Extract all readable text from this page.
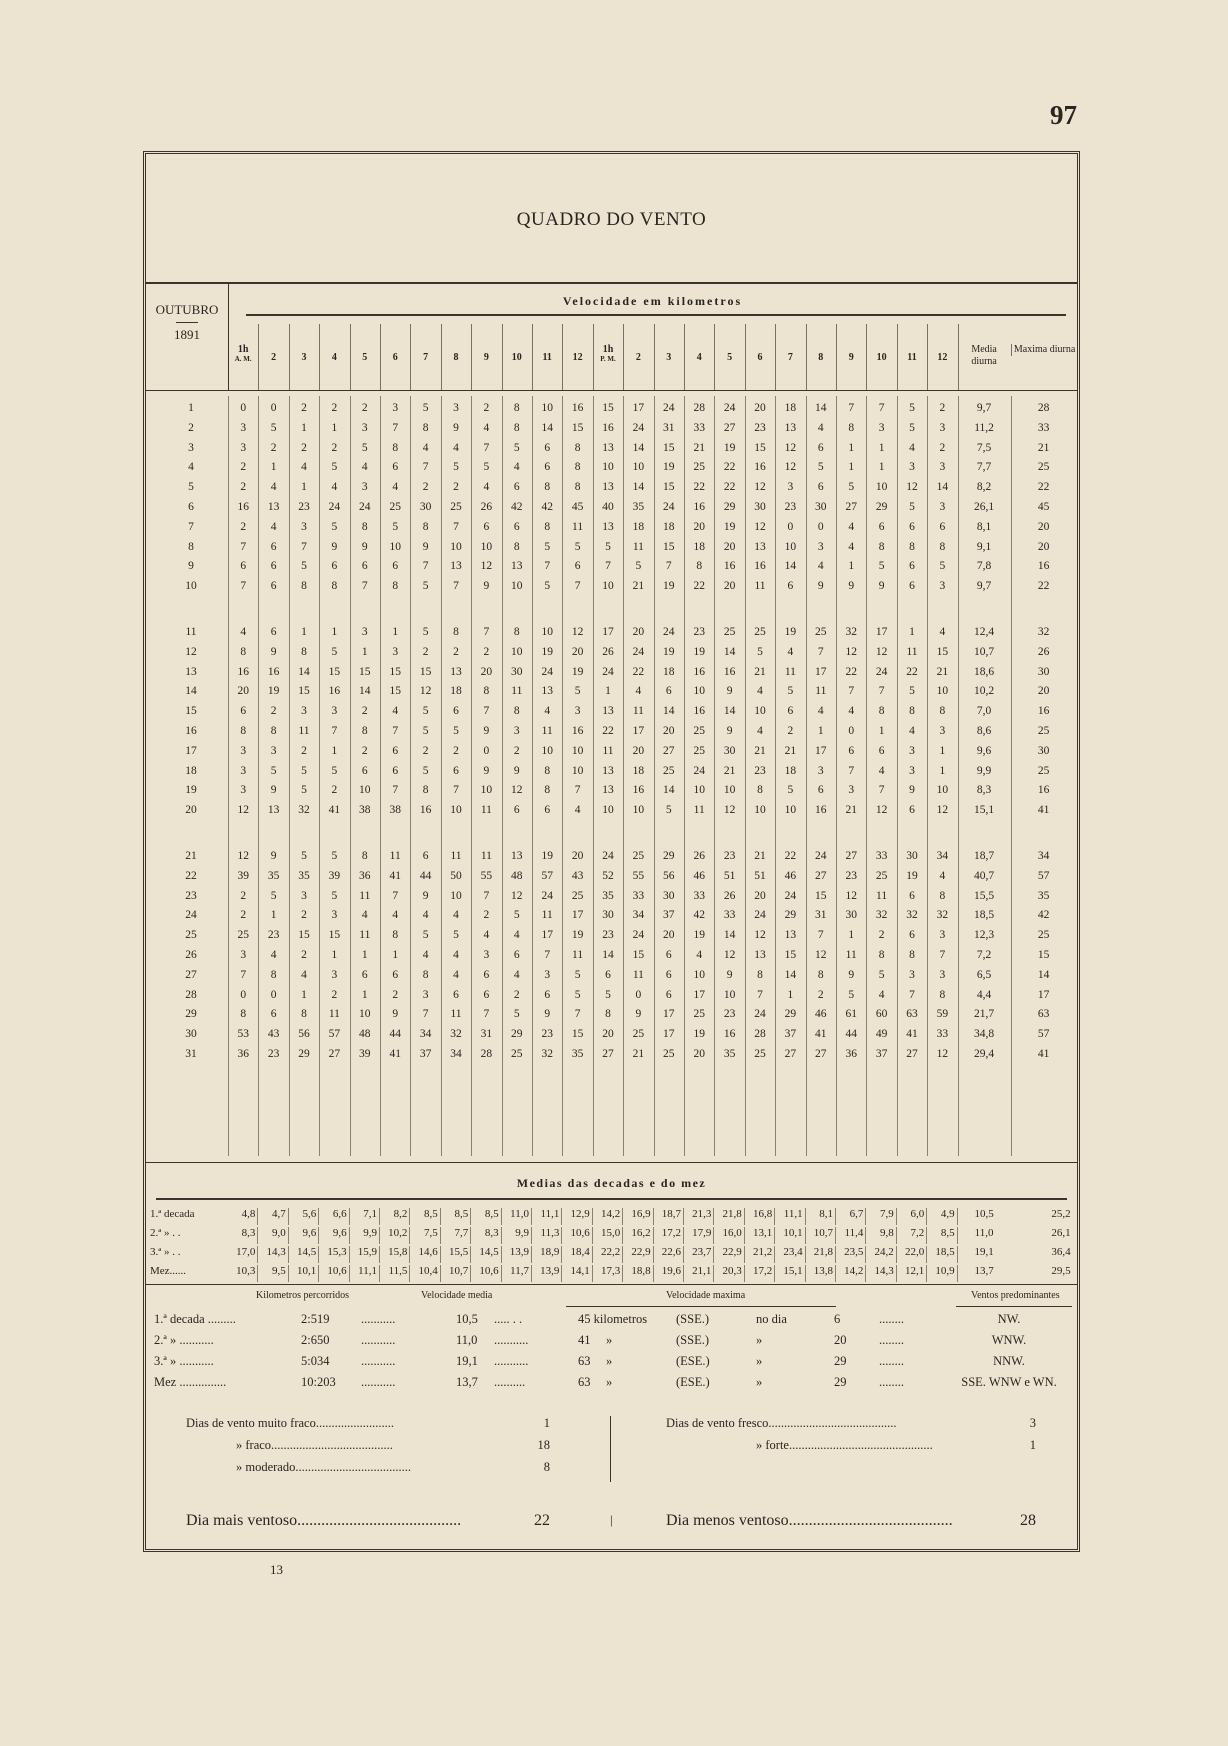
97
QUADRO DO VENTO
OUTUBRO
1891
Velocidade em kilometros
1h
A. M.	2	3	4	5	6	7	8	9	10	11	12
1h
P. M.	2	3	4	5	6	7	8	9	10	11	12
Media diurna
Maxima diurna
1	0	0	2	2	2	3	5	3	2	8	10	16	15	17	24	28	24	20	18	14	7	7	5	2	9,7	28
2	3	5	1	1	3	7	8	9	4	8	14	15	16	24	31	33	27	23	13	4	8	3	5	3	11,2	33
3	3	2	2	2	5	8	4	4	7	5	6	8	13	14	15	21	19	15	12	6	1	1	4	2	7,5	21
4	2	1	4	5	4	6	7	5	5	4	6	8	10	10	19	25	22	16	12	5	1	1	3	3	7,7	25
5	2	4	1	4	3	4	2	2	4	6	8	8	13	14	15	22	22	12	3	6	5	10	12	14	8,2	22
6	16	13	23	24	24	25	30	25	26	42	42	45	40	35	24	16	29	30	23	30	27	29	5	3	26,1	45
7	2	4	3	5	8	5	8	7	6	6	8	11	13	18	18	20	19	12	0	0	4	6	6	6	8,1	20
8	7	6	7	9	9	10	9	10	10	8	5	5	5	11	15	18	20	13	10	3	4	8	8	8	9,1	20
9	6	6	5	6	6	6	7	13	12	13	7	6	7	5	7	8	16	16	14	4	1	5	6	5	7,8	16
10	7	6	8	8	7	8	5	7	9	10	5	7	10	21	19	22	20	11	6	9	9	9	6	3	9,7	22
11	4	6	1	1	3	1	5	8	7	8	10	12	17	20	24	23	25	25	19	25	32	17	1	4	12,4	32
12	8	9	8	5	1	3	2	2	2	10	19	20	26	24	19	19	14	5	4	7	12	12	11	15	10,7	26
13	16	16	14	15	15	15	15	13	20	30	24	19	24	22	18	16	16	21	11	17	22	24	22	21	18,6	30
14	20	19	15	16	14	15	12	18	8	11	13	5	1	4	6	10	9	4	5	11	7	7	5	10	10,2	20
15	6	2	3	3	2	4	5	6	7	8	4	3	13	11	14	16	14	10	6	4	4	8	8	8	7,0	16
16	8	8	11	7	8	7	5	5	9	3	11	16	22	17	20	25	9	4	2	1	0	1	4	3	8,6	25
17	3	3	2	1	2	6	2	2	0	2	10	10	11	20	27	25	30	21	21	17	6	6	3	1	9,6	30
18	3	5	5	5	6	6	5	6	9	9	8	10	13	18	25	24	21	23	18	3	7	4	3	1	9,9	25
19	3	9	5	2	10	7	8	7	10	12	8	7	13	16	14	10	10	8	5	6	3	7	9	10	8,3	16
20	12	13	32	41	38	38	16	10	11	6	6	4	10	10	5	11	12	10	10	16	21	12	6	12	15,1	41
21	12	9	5	5	8	11	6	11	11	13	19	20	24	25	29	26	23	21	22	24	27	33	30	34	18,7	34
22	39	35	35	39	36	41	44	50	55	48	57	43	52	55	56	46	51	51	46	27	23	25	19	4	40,7	57
23	2	5	3	5	11	7	9	10	7	12	24	25	35	33	30	33	26	20	24	15	12	11	6	8	15,5	35
24	2	1	2	3	4	4	4	4	2	5	11	17	30	34	37	42	33	24	29	31	30	32	32	32	18,5	42
25	25	23	15	15	11	8	5	5	4	4	17	19	23	24	20	19	14	12	13	7	1	2	6	3	12,3	25
26	3	4	2	1	1	1	4	4	3	6	7	11	14	15	6	4	12	13	15	12	11	8	8	7	7,2	15
27	7	8	4	3	6	6	8	4	6	4	3	5	6	11	6	10	9	8	14	8	9	5	3	3	6,5	14
28	0	0	1	2	1	2	3	6	6	2	6	5	5	0	6	17	10	7	1	2	5	4	7	8	4,4	17
29	8	6	8	11	10	9	7	11	7	5	9	7	8	9	17	25	23	24	29	46	61	60	63	59	21,7	63
30	53	43	56	57	48	44	34	32	31	29	23	15	20	25	17	19	16	28	37	41	44	49	41	33	34,8	57
31	36	23	29	27	39	41	37	34	28	25	32	35	27	21	25	20	35	25	27	27	36	37	27	12	29,4	41
Medias das decadas e do mez
1.ª decada	4,8	4,7	5,6	6,6	7,1	8,2	8,5	8,5	8,5	11,0	11,1	12,9	14,2	16,9	18,7	21,3	21,8	16,8	11,1	8,1	6,7	7,9	6,0	4,9	10,5	25,2
2.ª » . .	8,3	9,0	9,6	9,6	9,9	10,2	7,5	7,7	8,3	9,9	11,3	10,6	15,0	16,2	17,2	17,9	16,0	13,1	10,1	10,7	11,4	9,8	7,2	8,5	11,0	26,1
3.ª » . .	17,0	14,3	14,5	15,3	15,9	15,8	14,6	15,5	14,5	13,9	18,9	18,4	22,2	22,9	22,6	23,7	22,9	21,2	23,4	21,8	23,5	24,2	22,0	18,5	19,1	36,4
Mez......	10,3	9,5	10,1	10,6	11,1	11,5	10,4	10,7	10,6	11,7	13,9	14,1	17,3	18,8	19,6	21,1	20,3	17,2	15,1	13,8	14,2	14,3	12,1	10,9	13,7	29,5
Kilometros percorridos	Velocidade media	Velocidade maxima	Ventos predominantes
1.ª decada .........	2:519	...........	10,5 ..... . .	45 kilometros (SSE.)	no dia	6	........	NW.
2.ª » ...........	2:650	...........	11,0 ...........	41 »	(SSE.)	»	20	........	WNW.
3.ª » ...........	5:034	...........	19,1 ...........	63 »	(ESE.)	»	29	........	NNW.
Mez ...............	10:203 ...........	13,7 ..........	63 »	(ESE.)	»	29	........	SSE. WNW e WN.
Dias de vento muito fraco.........................	1
» fraco.......................................	18
» moderado.....................................	8
Dias de vento fresco.........................................	3
» forte..............................................	1
Dia mais ventoso.........................................	22	|	Dia menos ventoso.........................................	28
13
